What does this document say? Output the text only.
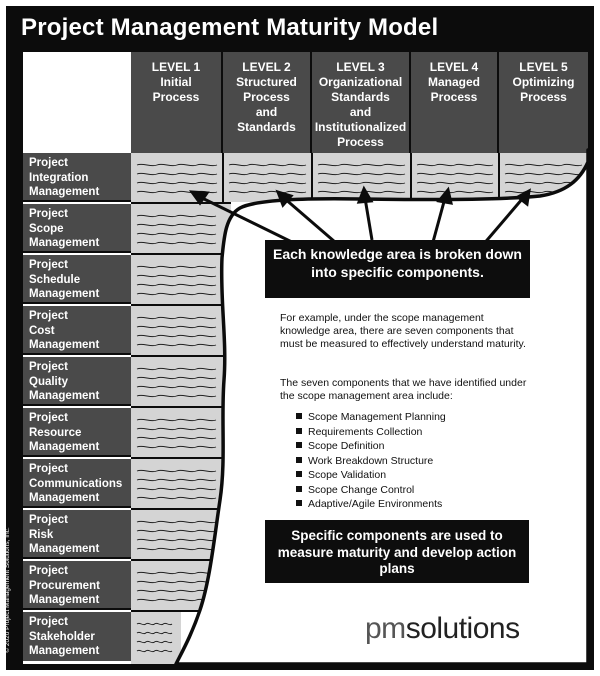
Project Management Maturity Model
LEVEL 1
Initial
Process
LEVEL 2
Structured
Process
and
Standards
LEVEL 3
Organizational
Standards
and
Institutionalized
Process
LEVEL 4
Managed
Process
LEVEL 5
Optimizing
Process
Project
Integration
Management
Project
Scope
Management
Project
Schedule
Management
Project
Cost
Management
Project
Quality
Management
Project
Resource
Management
Project
Communications
Management
Project
Risk
Management
Project
Procurement
Management
Project
Stakeholder
Management
© 2020 Project Management Solutions, Inc.
Each knowledge area is broken down into specific components.
For example, under the scope management knowledge area, there are seven components that must be measured to effectively understand maturity.
The seven components that we have identified under the scope management area include:
Scope Management Planning
Requirements Collection
Scope Definition
Work Breakdown Structure
Scope Validation
Scope Change Control
Adaptive/Agile Environments
Specific components are used to measure maturity and develop action plans
pmsolutions
